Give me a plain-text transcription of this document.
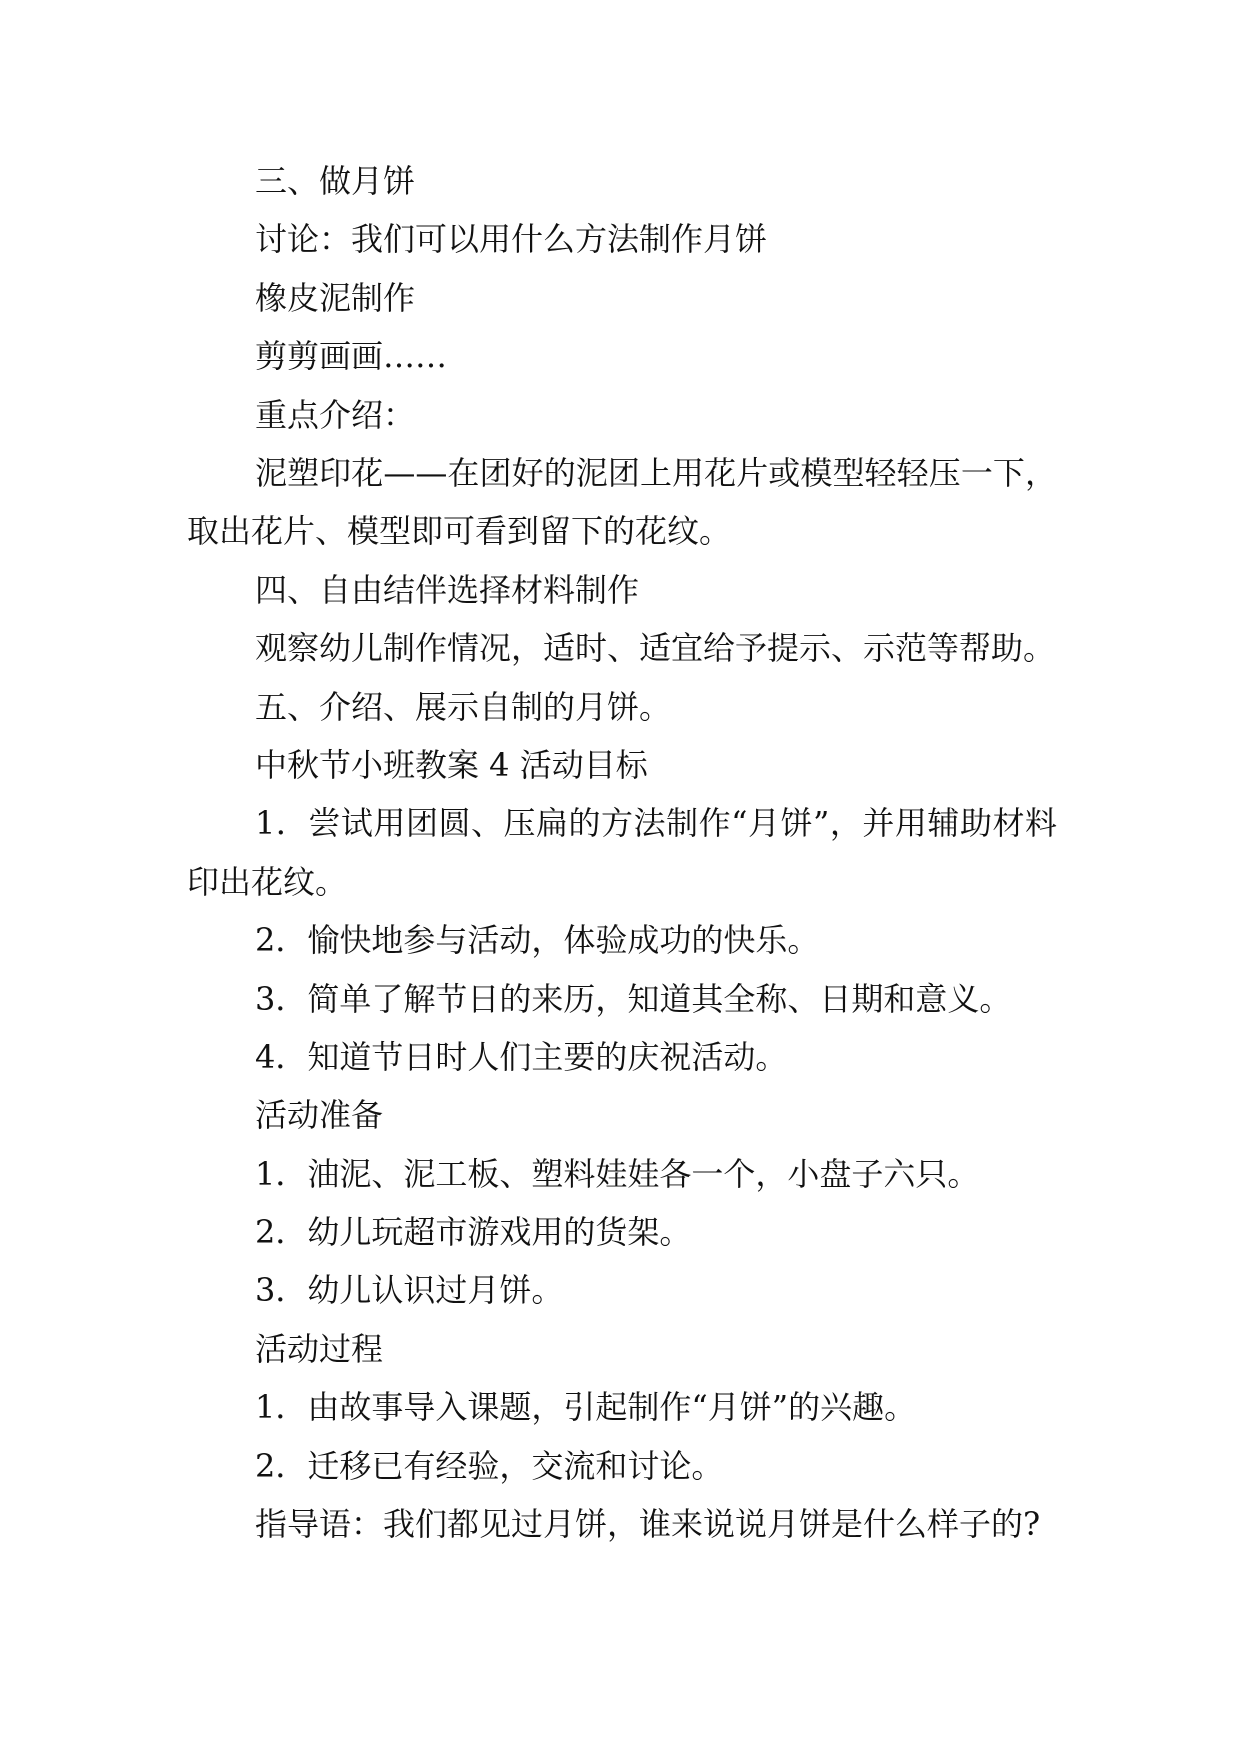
三、做月饼
讨论：我们可以用什么方法制作月饼
橡皮泥制作
剪剪画画……
重点介绍：
泥塑印花——在团好的泥团上用花片或模型轻轻压一下，取出花片、模型即可看到留下的花纹。
四、自由结伴选择材料制作
观察幼儿制作情况，适时、适宜给予提示、示范等帮助。
五、介绍、展示自制的月饼。
中秋节小班教案 4 活动目标
1．尝试用团圆、压扁的方法制作“月饼”，并用辅助材料印出花纹。
2．愉快地参与活动，体验成功的快乐。
3．简单了解节日的来历，知道其全称、日期和意义。
4．知道节日时人们主要的庆祝活动。
活动准备
1．油泥、泥工板、塑料娃娃各一个，小盘子六只。
2．幼儿玩超市游戏用的货架。
3．幼儿认识过月饼。
活动过程
1．由故事导入课题，引起制作“月饼”的兴趣。
2．迁移已有经验，交流和讨论。
指导语：我们都见过月饼，谁来说说月饼是什么样子的?
